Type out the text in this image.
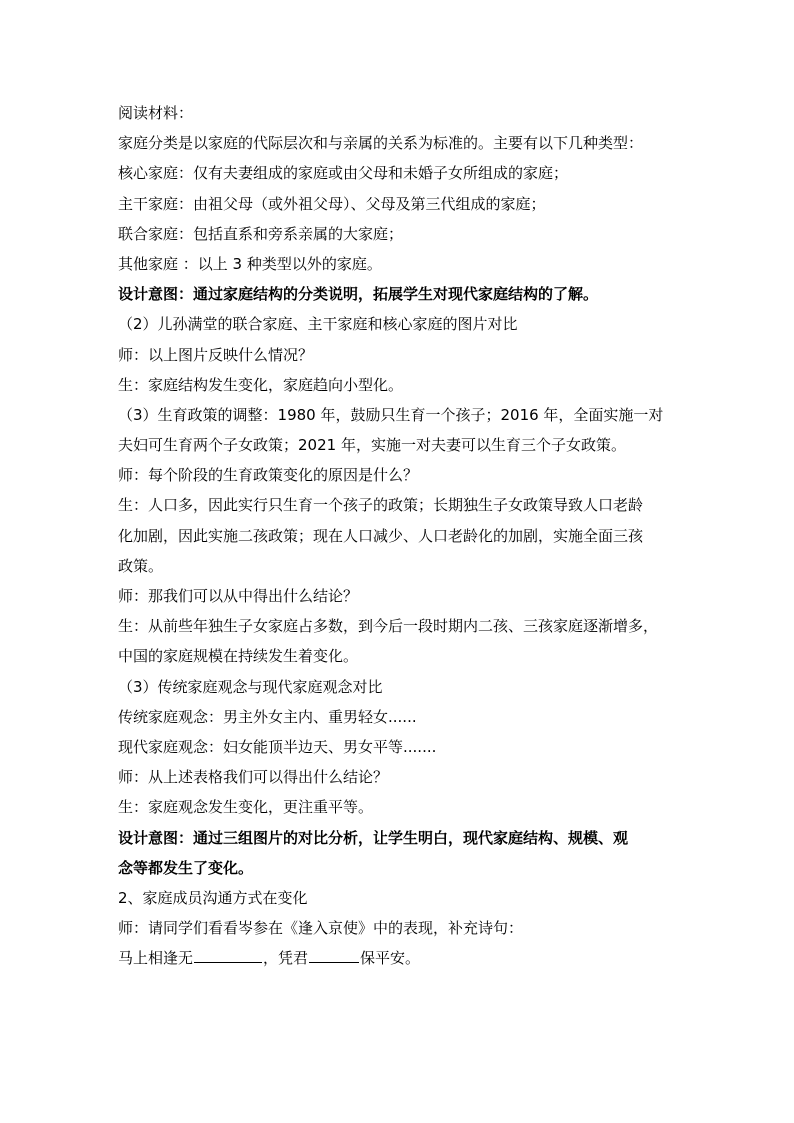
阅读材料：
家庭分类是以家庭的代际层次和与亲属的关系为标准的。主要有以下几种类型：
核心家庭：仅有夫妻组成的家庭或由父母和未婚子女所组成的家庭；
主干家庭：由祖父母（或外祖父母）、父母及第三代组成的家庭；
联合家庭：包括直系和旁系亲属的大家庭；
其他家庭 ：以上 3 种类型以外的家庭。
设计意图：通过家庭结构的分类说明，拓展学生对现代家庭结构的了解。
（2）儿孙满堂的联合家庭、主干家庭和核心家庭的图片对比
师：以上图片反映什么情况？
生：家庭结构发生变化，家庭趋向小型化。
（3）生育政策的调整：1980 年，鼓励只生育一个孩子；2016 年，全面实施一对
夫妇可生育两个子女政策；2021 年，实施一对夫妻可以生育三个子女政策。
师：每个阶段的生育政策变化的原因是什么？
生：人口多，因此实行只生育一个孩子的政策；长期独生子女政策导致人口老龄
化加剧，因此实施二孩政策；现在人口减少、人口老龄化的加剧，实施全面三孩
政策。
师：那我们可以从中得出什么结论？
生：从前些年独生子女家庭占多数，到今后一段时期内二孩、三孩家庭逐渐增多，
中国的家庭规模在持续发生着变化。
（3）传统家庭观念与现代家庭观念对比
传统家庭观念：男主外女主内、重男轻女......
现代家庭观念：妇女能顶半边天、男女平等.......
师：从上述表格我们可以得出什么结论？
生：家庭观念发生变化，更注重平等。
设计意图：通过三组图片的对比分析，让学生明白，现代家庭结构、规模、观
念等都发生了变化。
2、家庭成员沟通方式在变化
师：请同学们看看岑参在《逢入京使》中的表现，补充诗句：
马上相逢无	，凭君	保平安。
